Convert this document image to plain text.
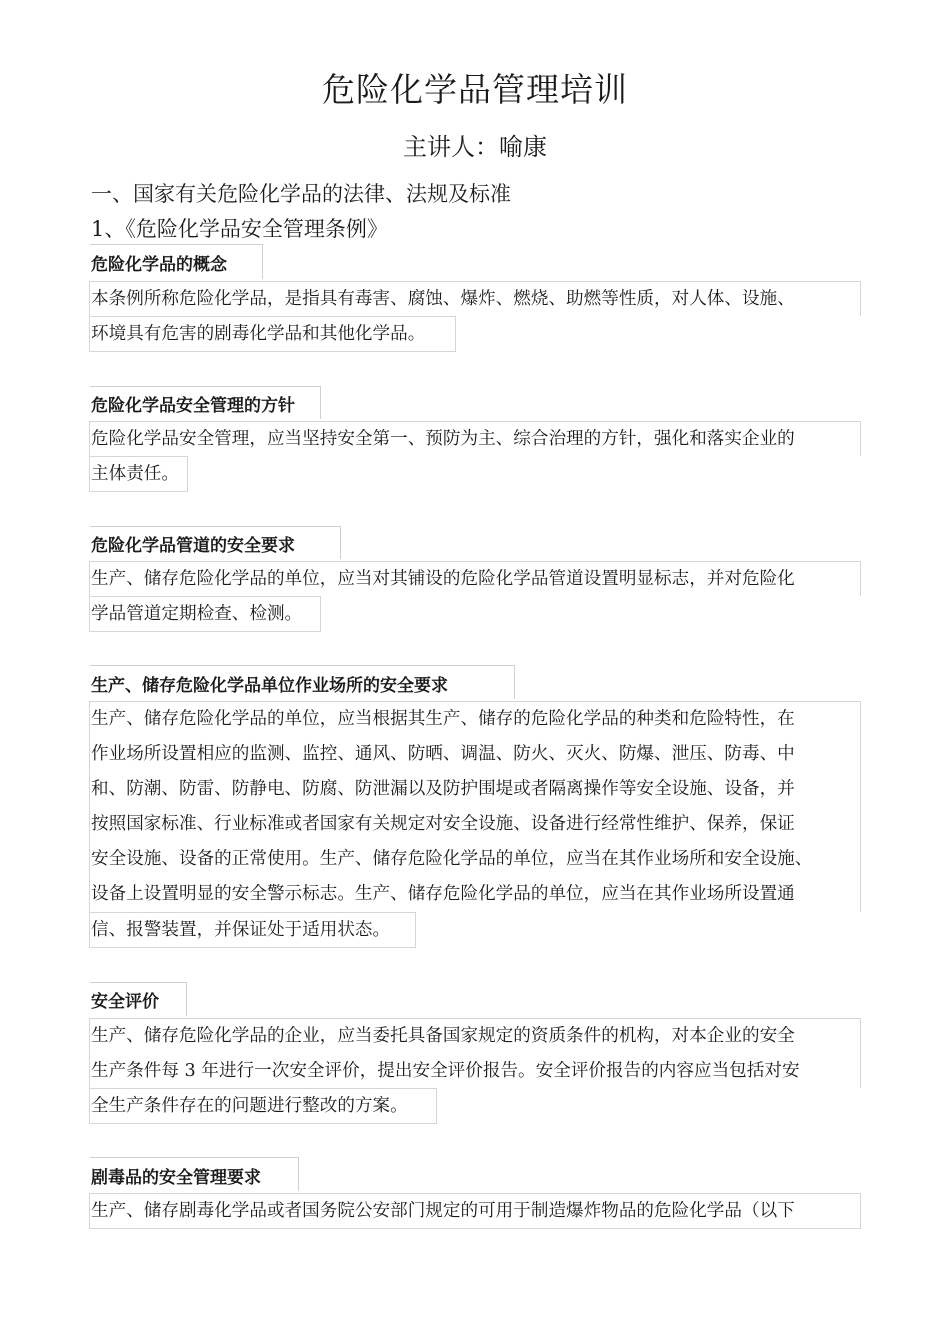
危险化学品管理培训
主讲人：喻康
一、国家有关危险化学品的法律、法规及标准
1、《危险化学品安全管理条例》
危险化学品的概念
本条例所称危险化学品，是指具有毒害、腐蚀、爆炸、燃烧、助燃等性质，对人体、设施、
环境具有危害的剧毒化学品和其他化学品。
危险化学品安全管理的方针
危险化学品安全管理，应当坚持安全第一、预防为主、综合治理的方针，强化和落实企业的
主体责任。
危险化学品管道的安全要求
生产、储存危险化学品的单位，应当对其铺设的危险化学品管道设置明显标志，并对危险化
学品管道定期检查、检测。
生产、储存危险化学品单位作业场所的安全要求
生产、储存危险化学品的单位，应当根据其生产、储存的危险化学品的种类和危险特性，在
作业场所设置相应的监测、监控、通风、防晒、调温、防火、灭火、防爆、泄压、防毒、中
和、防潮、防雷、防静电、防腐、防泄漏以及防护围堤或者隔离操作等安全设施、设备，并
按照国家标准、行业标准或者国家有关规定对安全设施、设备进行经常性维护、保养，保证
安全设施、设备的正常使用。生产、储存危险化学品的单位，应当在其作业场所和安全设施、
设备上设置明显的安全警示标志。生产、储存危险化学品的单位，应当在其作业场所设置通
信、报警装置，并保证处于适用状态。
安全评价
生产、储存危险化学品的企业，应当委托具备国家规定的资质条件的机构，对本企业的安全
生产条件每 3 年进行一次安全评价，提出安全评价报告。安全评价报告的内容应当包括对安
全生产条件存在的问题进行整改的方案。
剧毒品的安全管理要求
生产、储存剧毒化学品或者国务院公安部门规定的可用于制造爆炸物品的危险化学品（以下
